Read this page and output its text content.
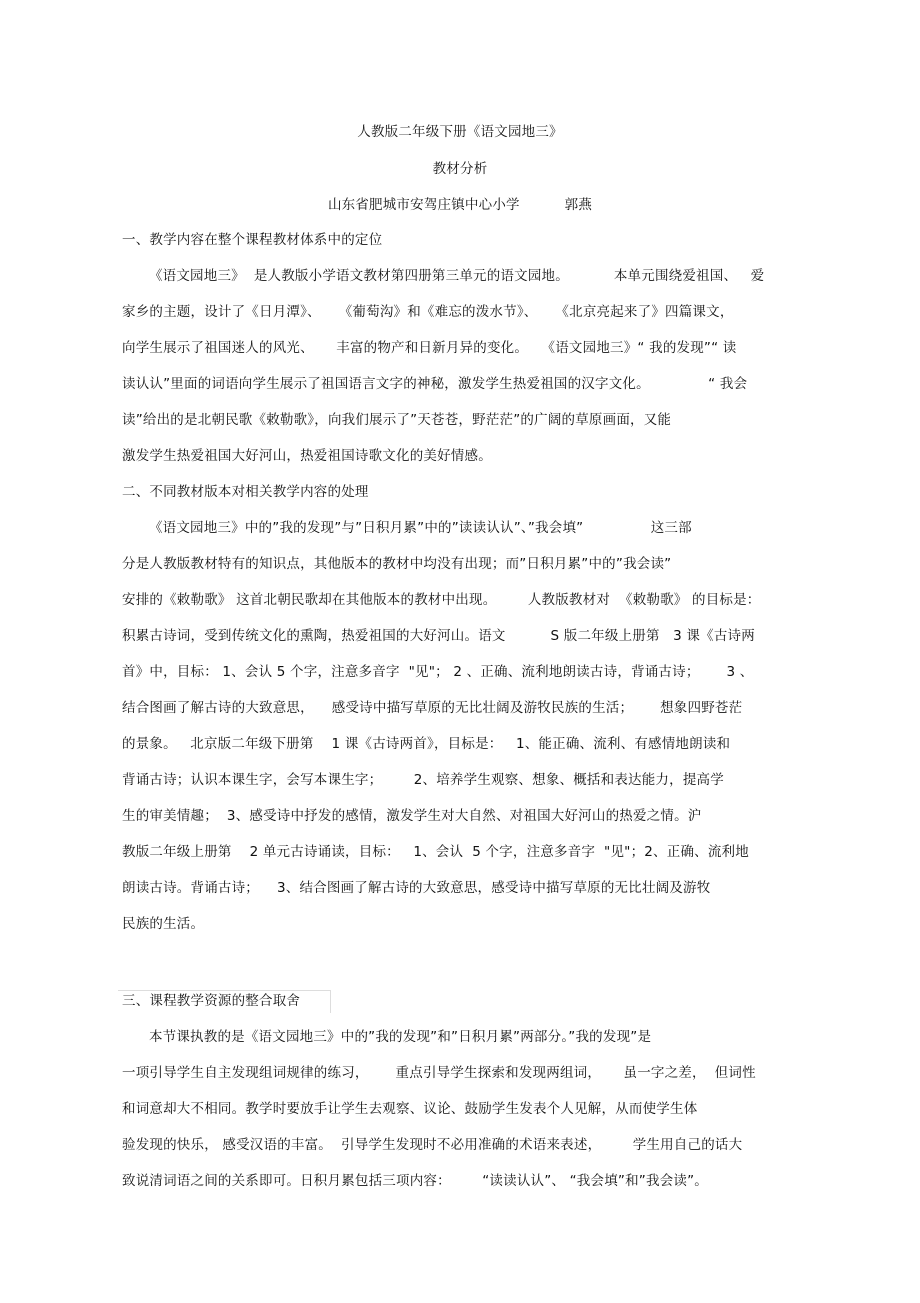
人教版二年级下册《语文园地三》
教材分析
山东省肥城市安驾庄镇中心小学          郭燕
一、教学内容在整个课程教材体系中的定位
《语文园地三》  是人教版小学语文教材第四册第三单元的语文园地。          本单元围绕爱祖国、   爱
家乡的主题，设计了《日月潭》、    《葡萄沟》和《难忘的泼水节》、    《北京亮起来了》四篇课文，
向学生展示了祖国迷人的风光、     丰富的物产和日新月异的变化。   《语文园地三》“ 我的发现”“ 读
读认认”里面的词语向学生展示了祖国语言文字的神秘，激发学生热爱祖国的汉字文化。             “ 我会
读”给出的是北朝民歌《敕勒歌》，向我们展示了”天苍苍，野茫茫”的广阔的草原画面，又能
激发学生热爱祖国大好河山，热爱祖国诗歌文化的美好情感。
二、不同教材版本对相关教学内容的处理
《语文园地三》中的”我的发现”与”日积月累”中的”读读认认”、”我会填”               这三部
分是人教版教材特有的知识点，其他版本的教材中均没有出现；而”日积月累”中的”我会读”
安排的《敕勒歌》 这首北朝民歌却在其他版本的教材中出现。       人教版教材对  《敕勒歌》 的目标是：
积累古诗词，受到传统文化的熏陶，热爱祖国的大好河山。语文          S 版二年级上册第   3 课《古诗两
首》中，目标： 1、会认 5 个字，注意多音字  "见"； 2 、正确、流利地朗读古诗，背诵古诗；      3 、
结合图画了解古诗的大致意思，    感受诗中描写草原的无比壮阔及游牧民族的生活；      想象四野苍茫
的景象。   北京版二年级下册第    1 课《古诗两首》，目标是：   1、能正确、流利、有感情地朗读和
背诵古诗；认识本课生字，会写本课生字；       2、培养学生观察、想象、概括和表达能力，提高学
生的审美情趣；  3、感受诗中抒发的感情，激发学生对大自然、对祖国大好河山的热爱之情。沪
教版二年级上册第    2 单元古诗诵读，目标：   1、会认  5 个字，注意多音字  "见"；2、正确、流利地
朗读古诗。背诵古诗；    3、结合图画了解古诗的大致意思，感受诗中描写草原的无比壮阔及游牧
民族的生活。
三、课程教学资源的整合取舍
本节课执教的是《语文园地三》中的”我的发现”和”日积月累”两部分。”我的发现”是
一项引导学生自主发现组词规律的练习，      重点引导学生探索和发现两组词，     虽一字之差，  但词性
和词意却大不相同。教学时要放手让学生去观察、议论、鼓励学生发表个人见解，从而使学生体
验发现的快乐， 感受汉语的丰富。  引导学生发现时不必用准确的术语来表述，       学生用自己的话大
致说清词语之间的关系即可。日积月累包括三项内容：       “读读认认”、 “我会填”和”我会读”。
